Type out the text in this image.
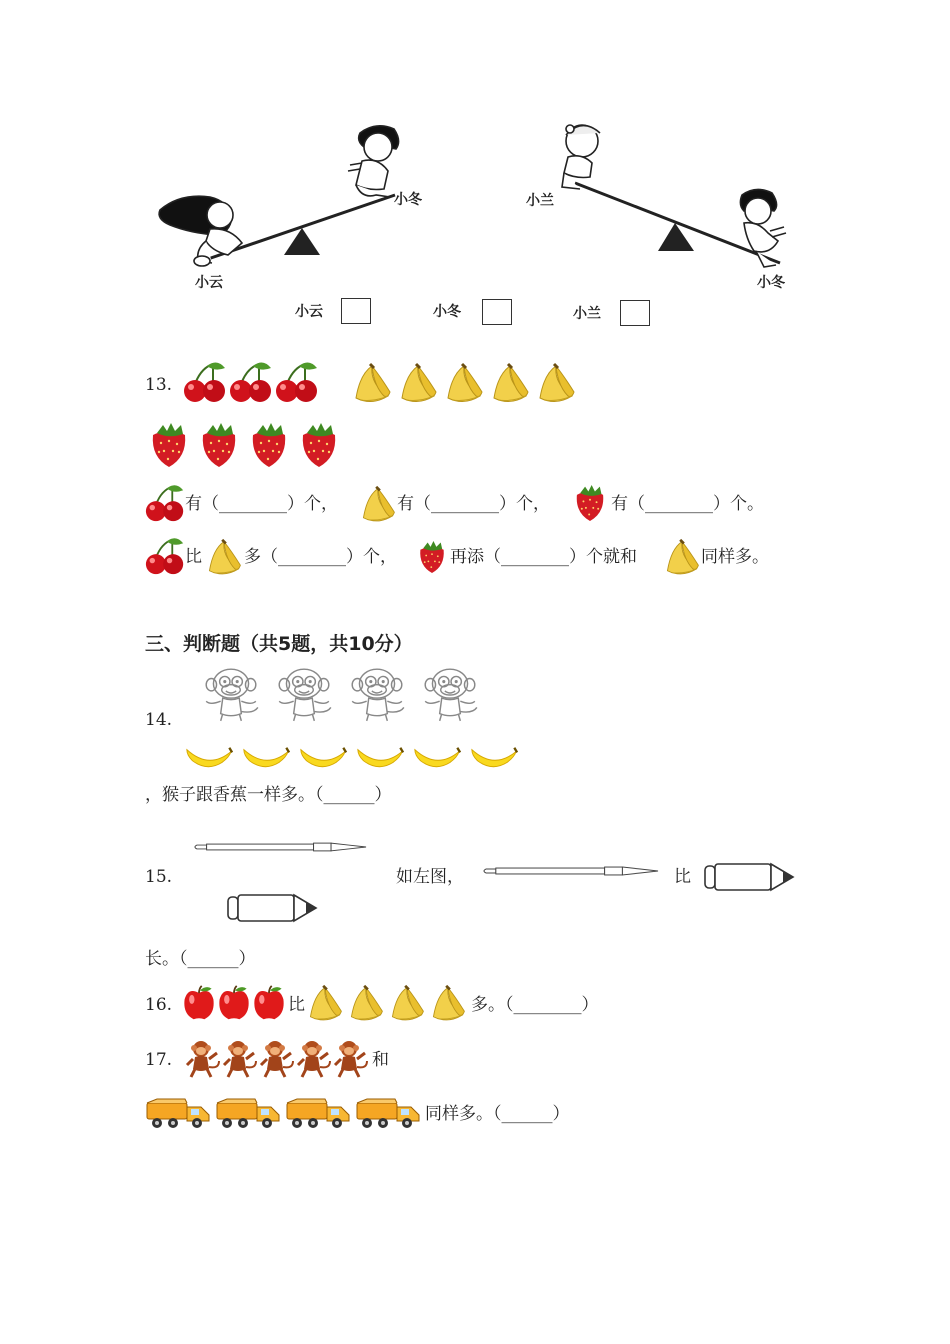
小云
小冬	小兰
小冬
小云	小冬	小兰
13.
有（________）个，	有（________）个，	有（________）个。
比 多（________）个，	再添（________）个就和	同样多。
三、判断题（共5题，共10分）
14.
，猴子跟香蕉一样多。（______）
15.	如左图，	比
长。（______）
16.	比	多。（________）
17.	和
同样多。（______）
